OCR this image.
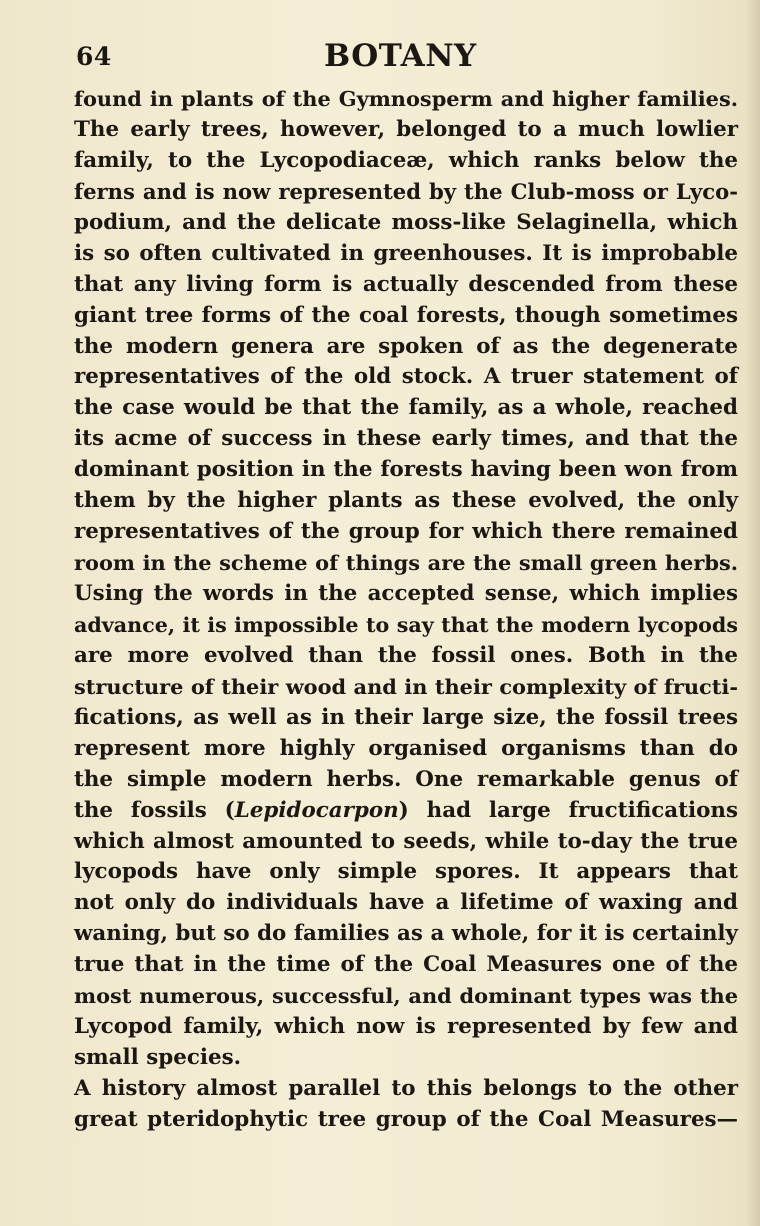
64	BOTANY
found in plants of the Gymnosperm and higher families.
The early trees, however, belonged to a much lowlier
family, to the Lycopodiaceæ, which ranks below the
ferns and is now represented by the Club-moss or Lyco-
podium, and the delicate moss-like Selaginella, which
is so often cultivated in greenhouses. It is improbable
that any living form is actually descended from these
giant tree forms of the coal forests, though sometimes
the modern genera are spoken of as the degenerate
representatives of the old stock. A truer statement of
the case would be that the family, as a whole, reached
its acme of success in these early times, and that the
dominant position in the forests having been won from
them by the higher plants as these evolved, the only
representatives of the group for which there remained
room in the scheme of things are the small green herbs.
Using the words in the accepted sense, which implies
advance, it is impossible to say that the modern lycopods
are more evolved than the fossil ones. Both in the
structure of their wood and in their complexity of fructi-
fications, as well as in their large size, the fossil trees
represent more highly organised organisms than do
the simple modern herbs. One remarkable genus of
the fossils (Lepidocarpon) had large fructifications
which almost amounted to seeds, while to-day the true
lycopods have only simple spores. It appears that
not only do individuals have a lifetime of waxing and
waning, but so do families as a whole, for it is certainly
true that in the time of the Coal Measures one of the
most numerous, successful, and dominant types was the
Lycopod family, which now is represented by few and
small species.
A history almost parallel to this belongs to the other
great pteridophytic tree group of the Coal Measures—
